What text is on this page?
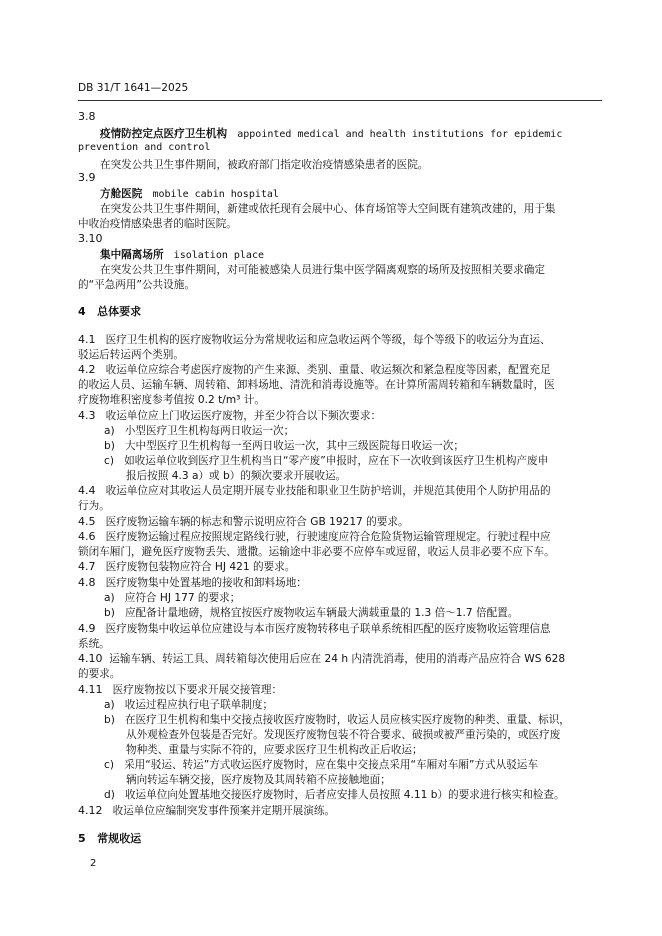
DB 31/T 1641—2025
3.8
疫情防控定点医疗卫生机构 appointed medical and health institutions for epidemic
prevention and control
在突发公共卫生事件期间，被政府部门指定收治疫情感染患者的医院。
3.9
方舱医院 mobile cabin hospital
在突发公共卫生事件期间，新建或依托现有会展中心、体育场馆等大空间既有建筑改建的，用于集
中收治疫情感染患者的临时医院。
3.10
集中隔离场所 isolation place
在突发公共卫生事件期间，对可能被感染人员进行集中医学隔离观察的场所及按照相关要求确定
的“平急两用”公共设施。
4 总体要求
4.1 医疗卫生机构的医疗废物收运分为常规收运和应急收运两个等级，每个等级下的收运分为直运、
驳运后转运两个类别。
4.2 收运单位应综合考虑医疗废物的产生来源、类别、重量、收运频次和紧急程度等因素，配置充足
的收运人员、运输车辆、周转箱、卸料场地、清洗和消毒设施等。在计算所需周转箱和车辆数量时，医
疗废物堆积密度参考值按 0.2 t/m³ 计。
4.3 收运单位应上门收运医疗废物，并至少符合以下频次要求：
a) 小型医疗卫生机构每两日收运一次；
b) 大中型医疗卫生机构每一至两日收运一次，其中三级医院每日收运一次；
c) 如收运单位收到医疗卫生机构当日“零产废”申报时，应在下一次收到该医疗卫生机构产废申
报后按照 4.3 a）或 b）的频次要求开展收运。
4.4 收运单位应对其收运人员定期开展专业技能和职业卫生防护培训，并规范其使用个人防护用品的
行为。
4.5 医疗废物运输车辆的标志和警示说明应符合 GB 19217 的要求。
4.6 医疗废物运输过程应按照规定路线行驶，行驶速度应符合危险货物运输管理规定。行驶过程中应
锁闭车厢门，避免医疗废物丢失、遗撒。运输途中非必要不应停车或逗留，收运人员非必要不应下车。
4.7 医疗废物包装物应符合 HJ 421 的要求。
4.8 医疗废物集中处置基地的接收和卸料场地：
a) 应符合 HJ 177 的要求；
b) 应配备计量地磅，规格宜按医疗废物收运车辆最大满载重量的 1.3 倍～1.7 倍配置。
4.9 医疗废物集中收运单位应建设与本市医疗废物转移电子联单系统相匹配的医疗废物收运管理信息
系统。
4.10 运输车辆、转运工具、周转箱每次使用后应在 24 h 内清洗消毒，使用的消毒产品应符合 WS 628
的要求。
4.11 医疗废物按以下要求开展交接管理：
a) 收运过程应执行电子联单制度；
b) 在医疗卫生机构和集中交接点接收医疗废物时，收运人员应核实医疗废物的种类、重量、标识，
从外观检查外包装是否完好。发现医疗废物包装不符合要求、破损或被严重污染的，或医疗废
物种类、重量与实际不符的，应要求医疗卫生机构改正后收运；
c) 采用“驳运、转运”方式收运医疗废物时，应在集中交接点采用“车厢对车厢”方式从驳运车
辆向转运车辆交接，医疗废物及其周转箱不应接触地面；
d) 收运单位向处置基地交接医疗废物时，后者应安排人员按照 4.11 b）的要求进行核实和检查。
4.12 收运单位应编制突发事件预案并定期开展演练。
5 常规收运
2
